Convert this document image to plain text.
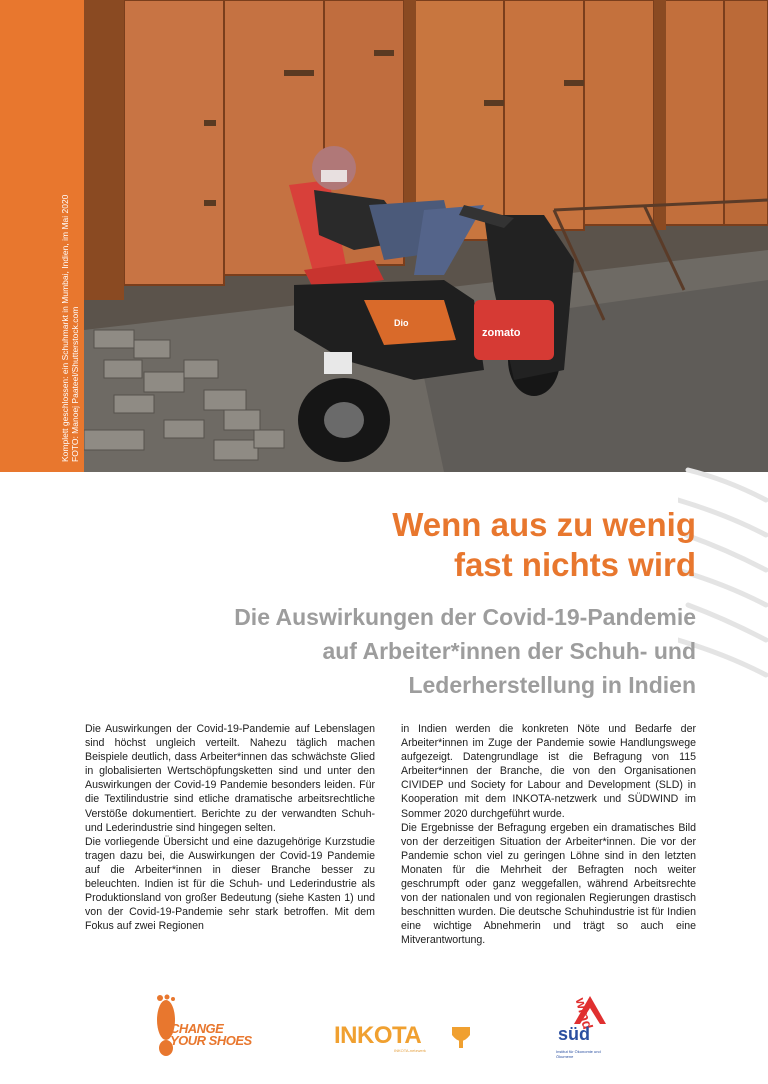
Komplett geschlossen: ein Schuhmarkt in Mumbai, Indien, im Mai 2020 FOTO: Manoej Paateel/Shutterstock.com	zomato
Dio
Wenn aus zu wenig
fast nichts wird
Die Auswirkungen der Covid-19-Pandemie
auf Arbeiter*innen der Schuh- und
Lederherstellung in Indien

Die Auswirkungen der Covid-19-Pandemie auf Lebenslagen sind höchst ungleich verteilt. Nahezu täglich machen Beispiele deutlich, dass Arbeiter*innen das schwächste Glied in globalisierten Wertschöpfungsketten sind und unter den Auswirkungen der Covid-19 Pandemie besonders leiden. Für die Textilindustrie sind etliche dramatische arbeitsrechtliche Verstöße dokumentiert. Berichte zu der verwandten Schuh- und Lederindustrie sind hingegen selten.

Die vorliegende Übersicht und eine dazugehörige Kurzstudie tragen dazu bei, die Auswirkungen der Covid-19 Pandemie auf die Arbeiter*innen in dieser Branche besser zu beleuchten. Indien ist für die Schuh- und Lederindustrie als Produktionsland von großer Bedeutung (siehe Kasten 1) und von der Covid-19-Pandemie sehr stark betroffen. Mit dem Fokus auf zwei Regionen

in Indien werden die konkreten Nöte und Bedarfe der Arbeiter*innen im Zuge der Pandemie sowie Handlungswege aufgezeigt. Datengrundlage ist die Befragung von 115 Arbeiter*innen der Branche, die von den Organisationen CIVIDEP und Society for Labour and Development (SLD) in Kooperation mit dem INKOTA-netzwerk und SÜDWIND im Sommer 2020 durchgeführt wurde.

Die Ergebnisse der Befragung ergeben ein dramatisches Bild von der derzeitigen Situation der Arbeiter*innen. Die vor der Pandemie schon viel zu geringen Löhne sind in den letzten Monaten für die Mehrheit der Befragten noch weiter geschrumpft oder ganz weggefallen, während Arbeitsrechte von der nationalen und von regionalen Regierungen drastisch beschnitten wurden. Die deutsche Schuhindustrie ist für Indien eine wichtige Abnehmerin und trägt so auch eine Mitverantwortung.

CHANGE
YOUR SHOES	INKOTA
INKOTA-netzwerk
wind
süd
Institut für Ökonomie und Ökumene
